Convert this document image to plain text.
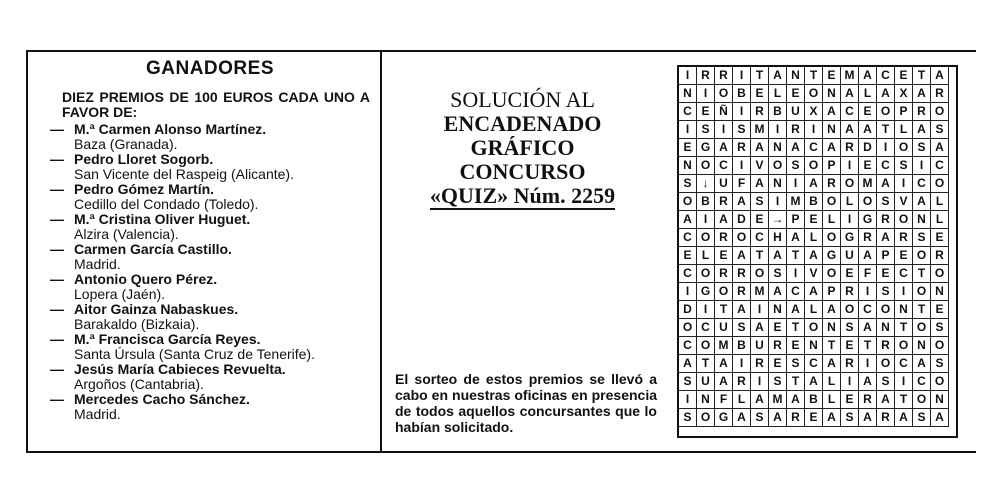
GANADORES

DIEZ PREMIOS DE 100 EUROS CADA UNO A FAVOR DE:

— M.ª Carmen Alonso Martínez.
Baza (Granada).
— Pedro Lloret Sogorb.
San Vicente del Raspeig (Alicante).
— Pedro Gómez Martín.
Cedillo del Condado (Toledo).
— M.ª Cristina Oliver Huguet.
Alzira (Valencia).
— Carmen García Castillo.
Madrid.
— Antonio Quero Pérez.
Lopera (Jaén).
— Aitor Gainza Nabaskues.
Barakaldo (Bizkaia).
— M.ª Francisca García Reyes.
Santa Úrsula (Santa Cruz de Tenerife).
— Jesús María Cabieces Revuelta.
Argoños (Cantabria).
— Mercedes Cacho Sánchez.
Madrid.
SOLUCIÓN AL
ENCADENADO
GRÁFICO
CONCURSO
«QUIZ» Núm. 2259

El sorteo de estos premios se llevó a cabo en nuestras oficinas en presencia de todos aquellos concursantes que lo habían solicitado.

I	R	R	I	T	A	N	T	E	M	A	C	E	T	A
N	I	O	B	E	L	E	O	N	A	L	A	X	A	R
C	E	Ñ	I	R	B	U	X	A	C	E	O	P	R	O
I	S	I	S	M	I	R	I	N	A	A	T	L	A	S
E	G	A	R	A	N	A	C	A	R	D	I	O	S	A
N	O	C	I	V	O	S	O	P	I	E	C	S	I	C
S	↓	U	F	A	N	I	A	R	O	M	A	I	C	O
O	B	R	A	S	I	M	B	O	L	O	S	V	A	L
A	I	A	D	E	→	P	E	L	I	G	R	O	N	L
C	O	R	O	C	H	A	L	O	G	R	A	R	S	E
E	L	E	A	T	A	T	A	G	U	A	P	E	O	R
C	O	R	R	O	S	I	V	O	E	F	E	C	T	O
I	G	O	R	M	A	C	A	P	R	I	S	I	O	N
D	I	T	A	I	N	A	L	A	O	C	O	N	T	E
O	C	U	S	A	E	T	O	N	S	A	N	T	O	S
C	O	M	B	U	R	E	N	T	E	T	R	O	N	O
A	T	A	I	R	E	S	C	A	R	I	O	C	A	S
S	U	A	R	I	S	T	A	L	I	A	S	I	C	O
I	N	F	L	A	M	A	B	L	E	R	A	T	O	N
S	O	G	A	S	A	R	E	A	S	A	R	A	S	A
